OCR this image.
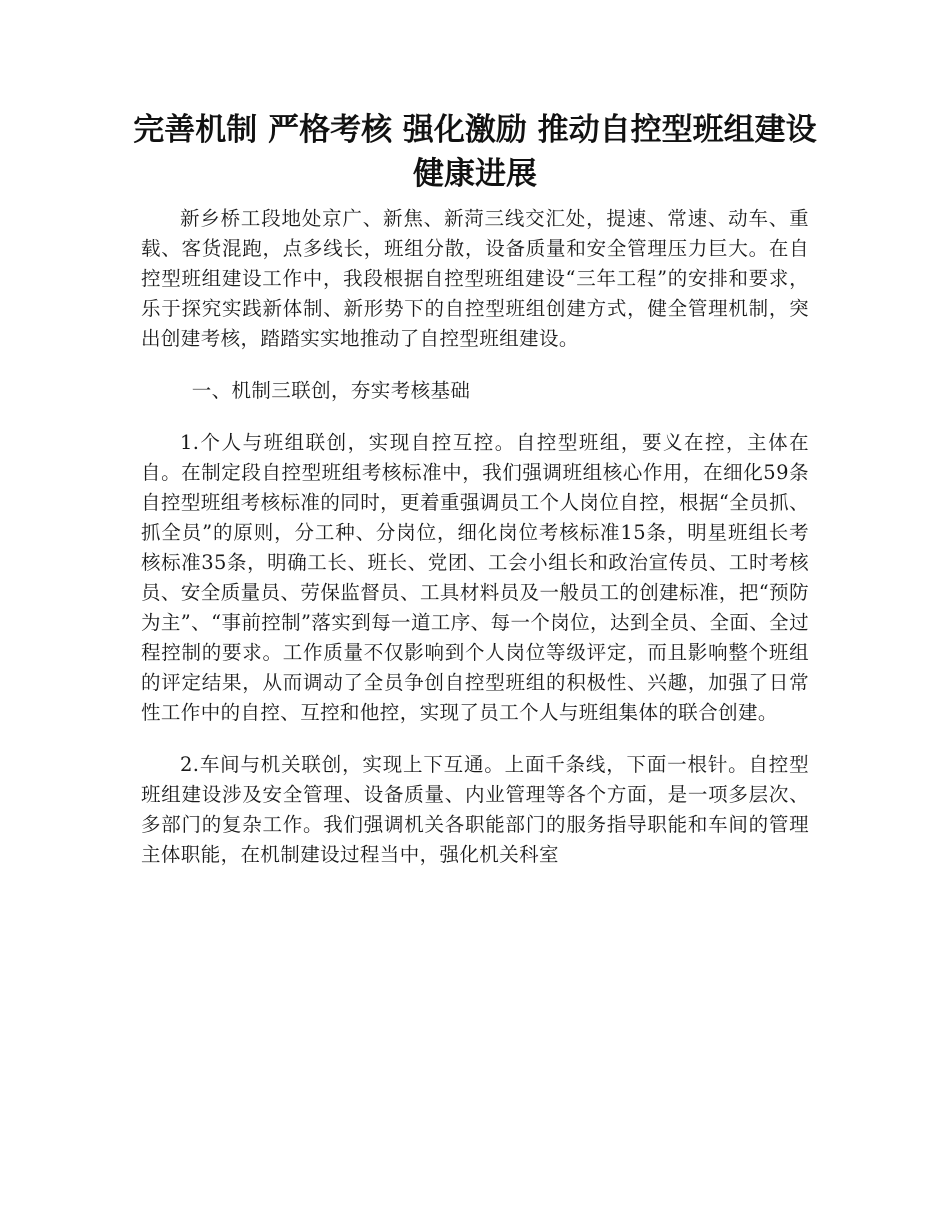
完善机制 严格考核 强化激励 推动自控型班组建设健康进展

新乡桥工段地处京广、新焦、新菏三线交汇处，提速、常速、动车、重载、客货混跑，点多线长，班组分散，设备质量和安全管理压力巨大。在自控型班组建设工作中，我段根据自控型班组建设“三年工程”的安排和要求，乐于探究实践新体制、新形势下的自控型班组创建方式，健全管理机制，突出创建考核，踏踏实实地推动了自控型班组建设。

一、机制三联创，夯实考核基础

1.个人与班组联创，实现自控互控。自控型班组，要义在控，主体在自。在制定段自控型班组考核标准中，我们强调班组核心作用，在细化59条自控型班组考核标准的同时，更着重强调员工个人岗位自控，根据“全员抓、抓全员”的原则，分工种、分岗位，细化岗位考核标准15条，明星班组长考核标准35条，明确工长、班长、党团、工会小组长和政治宣传员、工时考核员、安全质量员、劳保监督员、工具材料员及一般员工的创建标准，把“预防为主”、“事前控制”落实到每一道工序、每一个岗位，达到全员、全面、全过程控制的要求。工作质量不仅影响到个人岗位等级评定，而且影响整个班组的评定结果，从而调动了全员争创自控型班组的积极性、兴趣，加强了日常性工作中的自控、互控和他控，实现了员工个人与班组集体的联合创建。

2.车间与机关联创，实现上下互通。上面千条线，下面一根针。自控型班组建设涉及安全管理、设备质量、内业管理等各个方面，是一项多层次、多部门的复杂工作。我们强调机关各职能部门的服务指导职能和车间的管理主体职能，在机制建设过程当中，强化机关科室
